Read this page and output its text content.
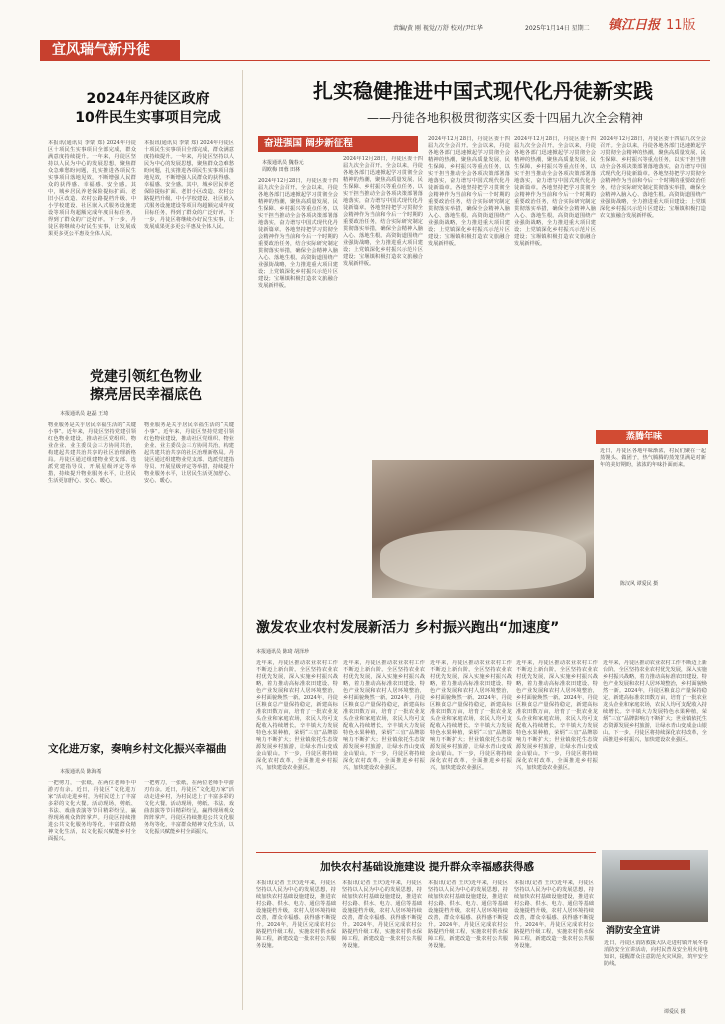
宜风瑞气新丹徒
责编/黄 刚 视觉/万舒 校对/尹红华	2025年1月14日 星期二 镇江日报 11版
2024年丹徒区政府
10件民生实事项目完成
本报讯(通讯员 李蒙 郑) 2024年丹徒区十项民生实事项目全部完成，群众满意度持续提升。一年来，丹徒区坚持以人民为中心的发展思想，聚焦群众急难愁盼问题，扎实推进各项民生实事项目落地见效，不断增强人民群众的获得感、幸福感、安全感。其中，城乡居民养老保险提标扩面、老旧小区改造、农村公路提档升级、中小学校建设、社区嵌入式服务设施建设等项目均超额完成年度目标任务，得到了群众的广泛好评。下一步，丹徒区将继续办好民生实事，让发展成果更多更公平惠及全体人民。
本报讯(通讯员 李蒙 郑) 2024年丹徒区十项民生实事项目全部完成，群众满意度持续提升。一年来，丹徒区坚持以人民为中心的发展思想，聚焦群众急难愁盼问题，扎实推进各项民生实事项目落地见效，不断增强人民群众的获得感、幸福感、安全感。其中，城乡居民养老保险提标扩面、老旧小区改造、农村公路提档升级、中小学校建设、社区嵌入式服务设施建设等项目均超额完成年度目标任务，得到了群众的广泛好评。下一步，丹徒区将继续办好民生实事，让发展成果更多更公平惠及全体人民。
党建引领红色物业
擦亮居民幸福底色
本报通讯员 赵磊 王琦
物业服务是关乎居民幸福生活的“关键小事”。近年来，丹徒区坚持党建引领红色物业建设，推动社区党组织、物业企业、业主委员会三方协同共治，构建起共建共治共享的社区治理新格局。丹徒区通过组建物业党支部、选派党建指导员、开展星级评定等举措，持续提升物业服务水平，让居民生活更加舒心、安心、暖心。
物业服务是关乎居民幸福生活的“关键小事”。近年来，丹徒区坚持党建引领红色物业建设，推动社区党组织、物业企业、业主委员会三方协同共治，构建起共建共治共享的社区治理新格局。丹徒区通过组建物业党支部、选派党建指导员、开展星级评定等举措，持续提升物业服务水平，让居民生活更加舒心、安心、暖心。
文化进万家，奏响乡村文化振兴幸福曲
本报通讯员 陈海希
一把剪刀，一张纸，在两位老师手中游刃有余。近日，丹徒区“文化进万家”活动走进乡村，为村民送上了丰富多彩的文化大餐。活动现场，剪纸、书法、戏曲表演等节目精彩纷呈，赢得现场观众阵阵掌声。丹徒区持续推进公共文化服务均等化，丰富群众精神文化生活，以文化振兴赋能乡村全面振兴。
一把剪刀，一张纸，在两位老师手中游刃有余。近日，丹徒区“文化进万家”活动走进乡村，为村民送上了丰富多彩的文化大餐。活动现场，剪纸、书法、戏曲表演等节目精彩纷呈，赢得现场观众阵阵掌声。丹徒区持续推进公共文化服务均等化，丰富群众精神文化生活，以文化振兴赋能乡村全面振兴。
扎实稳健推进中国式现代化丹徒新实践
——丹徒各地积极贯彻落实区委十四届九次全会精神
奋进强国 阔步新征程
本报通讯员 魏春元
周欧梅 田蓉 田林
2024年12月28日，丹徒区委十四届九次全会召开。全会以来，丹徒各地各部门迅速掀起学习贯彻全会精神的热潮，聚焦高质量发展、民生保障、乡村振兴等重点任务，以实干担当推动全会各项决策部署落地落实，奋力谱写中国式现代化丹徒新篇章。各地坚持把学习贯彻全会精神作为当前和今后一个时期的重要政治任务，结合实际研究制定贯彻落实举措，确保全会精神入脑入心、落地生根。高资街道围绕产业强街战略，全力推进重大项目建设；上党镇深化乡村振兴示范片区建设；宝堰镇积极打造农文旅融合发展新样板。
2024年12月28日，丹徒区委十四届九次全会召开。全会以来，丹徒各地各部门迅速掀起学习贯彻全会精神的热潮，聚焦高质量发展、民生保障、乡村振兴等重点任务，以实干担当推动全会各项决策部署落地落实，奋力谱写中国式现代化丹徒新篇章。各地坚持把学习贯彻全会精神作为当前和今后一个时期的重要政治任务，结合实际研究制定贯彻落实举措，确保全会精神入脑入心、落地生根。高资街道围绕产业强街战略，全力推进重大项目建设；上党镇深化乡村振兴示范片区建设；宝堰镇积极打造农文旅融合发展新样板。
2024年12月28日，丹徒区委十四届九次全会召开。全会以来，丹徒各地各部门迅速掀起学习贯彻全会精神的热潮，聚焦高质量发展、民生保障、乡村振兴等重点任务，以实干担当推动全会各项决策部署落地落实，奋力谱写中国式现代化丹徒新篇章。各地坚持把学习贯彻全会精神作为当前和今后一个时期的重要政治任务，结合实际研究制定贯彻落实举措，确保全会精神入脑入心、落地生根。高资街道围绕产业强街战略，全力推进重大项目建设；上党镇深化乡村振兴示范片区建设；宝堰镇积极打造农文旅融合发展新样板。
2024年12月28日，丹徒区委十四届九次全会召开。全会以来，丹徒各地各部门迅速掀起学习贯彻全会精神的热潮，聚焦高质量发展、民生保障、乡村振兴等重点任务，以实干担当推动全会各项决策部署落地落实，奋力谱写中国式现代化丹徒新篇章。各地坚持把学习贯彻全会精神作为当前和今后一个时期的重要政治任务，结合实际研究制定贯彻落实举措，确保全会精神入脑入心、落地生根。高资街道围绕产业强街战略，全力推进重大项目建设；上党镇深化乡村振兴示范片区建设；宝堰镇积极打造农文旅融合发展新样板。
2024年12月28日，丹徒区委十四届九次全会召开。全会以来，丹徒各地各部门迅速掀起学习贯彻全会精神的热潮，聚焦高质量发展、民生保障、乡村振兴等重点任务，以实干担当推动全会各项决策部署落地落实，奋力谱写中国式现代化丹徒新篇章。各地坚持把学习贯彻全会精神作为当前和今后一个时期的重要政治任务，结合实际研究制定贯彻落实举措，确保全会精神入脑入心、落地生根。高资街道围绕产业强街战略，全力推进重大项目建设；上党镇深化乡村振兴示范片区建设；宝堰镇积极打造农文旅融合发展新样板。
蒸腾年味
近日，丹徒区各地年味渐浓，村民们聚在一起蒸馒头、做团子，热气腾腾的蒸笼里满是对新年的美好期盼，浓浓的年味扑面而来。
陈汉风 谭爱民 摄
激发农业农村发展新活力 乡村振兴跑出“加速度”
本报通讯员 陈琦 胡泽珍
近年来，丹徒区推动农业农村工作不断迈上新台阶。全区坚持农业农村优先发展，深入实施乡村振兴战略，着力推动高标准农田建设、特色产业发展和农村人居环境整治，乡村面貌焕然一新。2024年，丹徒区粮食总产量保持稳定，新建高标准农田数万亩，培育了一批农业龙头企业和家庭农场，农民人均可支配收入持续增长。辛丰镇大力发展特色水果种植，荣炳“三宜”品牌影响力不断扩大；世业镇依托生态资源发展乡村旅游，让绿水青山变成金山银山。下一步，丹徒区将持续深化农村改革，全面推进乡村振兴，加快建设农业强区。
近年来，丹徒区推动农业农村工作不断迈上新台阶。全区坚持农业农村优先发展，深入实施乡村振兴战略，着力推动高标准农田建设、特色产业发展和农村人居环境整治，乡村面貌焕然一新。2024年，丹徒区粮食总产量保持稳定，新建高标准农田数万亩，培育了一批农业龙头企业和家庭农场，农民人均可支配收入持续增长。辛丰镇大力发展特色水果种植，荣炳“三宜”品牌影响力不断扩大；世业镇依托生态资源发展乡村旅游，让绿水青山变成金山银山。下一步，丹徒区将持续深化农村改革，全面推进乡村振兴，加快建设农业强区。
近年来，丹徒区推动农业农村工作不断迈上新台阶。全区坚持农业农村优先发展，深入实施乡村振兴战略，着力推动高标准农田建设、特色产业发展和农村人居环境整治，乡村面貌焕然一新。2024年，丹徒区粮食总产量保持稳定，新建高标准农田数万亩，培育了一批农业龙头企业和家庭农场，农民人均可支配收入持续增长。辛丰镇大力发展特色水果种植，荣炳“三宜”品牌影响力不断扩大；世业镇依托生态资源发展乡村旅游，让绿水青山变成金山银山。下一步，丹徒区将持续深化农村改革，全面推进乡村振兴，加快建设农业强区。
近年来，丹徒区推动农业农村工作不断迈上新台阶。全区坚持农业农村优先发展，深入实施乡村振兴战略，着力推动高标准农田建设、特色产业发展和农村人居环境整治，乡村面貌焕然一新。2024年，丹徒区粮食总产量保持稳定，新建高标准农田数万亩，培育了一批农业龙头企业和家庭农场，农民人均可支配收入持续增长。辛丰镇大力发展特色水果种植，荣炳“三宜”品牌影响力不断扩大；世业镇依托生态资源发展乡村旅游，让绿水青山变成金山银山。下一步，丹徒区将持续深化农村改革，全面推进乡村振兴，加快建设农业强区。
近年来，丹徒区推动农业农村工作不断迈上新台阶。全区坚持农业农村优先发展，深入实施乡村振兴战略，着力推动高标准农田建设、特色产业发展和农村人居环境整治，乡村面貌焕然一新。2024年，丹徒区粮食总产量保持稳定，新建高标准农田数万亩，培育了一批农业龙头企业和家庭农场，农民人均可支配收入持续增长。辛丰镇大力发展特色水果种植，荣炳“三宜”品牌影响力不断扩大；世业镇依托生态资源发展乡村旅游，让绿水青山变成金山银山。下一步，丹徒区将持续深化农村改革，全面推进乡村振兴，加快建设农业强区。
加快农村基础设施建设 提升群众幸福感获得感
本报讯(记者 王庆)近年来，丹徒区坚持以人民为中心的发展思想，持续加快农村基础设施建设，推进农村公路、供水、电力、通信等基础设施提档升级，农村人居环境持续改善，群众幸福感、获得感不断提升。2024年，丹徒区完成农村公路提档升级工程，实施农村供水保障工程，新建改造一批农村公共服务设施。
本报讯(记者 王庆)近年来，丹徒区坚持以人民为中心的发展思想，持续加快农村基础设施建设，推进农村公路、供水、电力、通信等基础设施提档升级，农村人居环境持续改善，群众幸福感、获得感不断提升。2024年，丹徒区完成农村公路提档升级工程，实施农村供水保障工程，新建改造一批农村公共服务设施。
本报讯(记者 王庆)近年来，丹徒区坚持以人民为中心的发展思想，持续加快农村基础设施建设，推进农村公路、供水、电力、通信等基础设施提档升级，农村人居环境持续改善，群众幸福感、获得感不断提升。2024年，丹徒区完成农村公路提档升级工程，实施农村供水保障工程，新建改造一批农村公共服务设施。
本报讯(记者 王庆)近年来，丹徒区坚持以人民为中心的发展思想，持续加快农村基础设施建设，推进农村公路、供水、电力、通信等基础设施提档升级，农村人居环境持续改善，群众幸福感、获得感不断提升。2024年，丹徒区完成农村公路提档升级工程，实施农村供水保障工程，新建改造一批农村公共服务设施。
消防安全宣讲
近日，丹徒区消防救援大队走进村镇开展冬春消防安全宣讲活动，向村民普及安全用火用电知识，提醒群众注意防范火灾风险，筑牢安全防线。
谭爱民 摄
